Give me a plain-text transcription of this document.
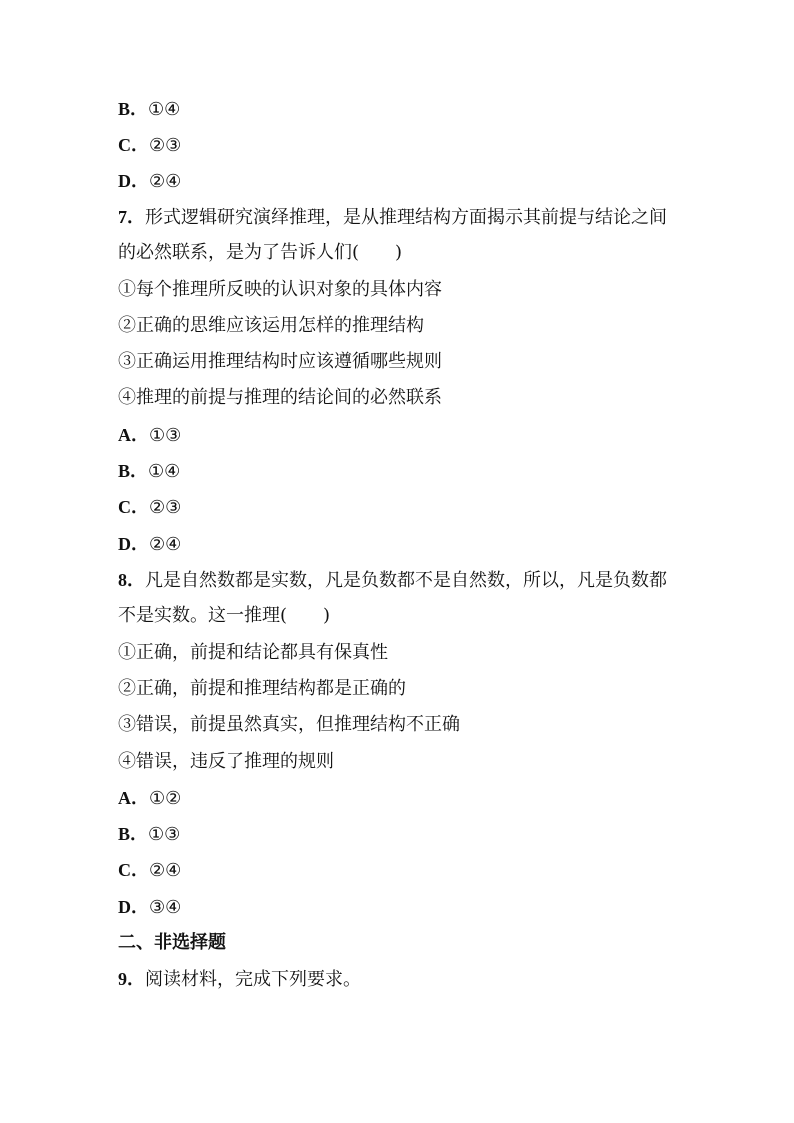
B．①④
C．②③
D．②④
7．形式逻辑研究演绎推理，是从推理结构方面揭示其前提与结论之间
的必然联系，是为了告诉人们(　　)
①每个推理所反映的认识对象的具体内容
②正确的思维应该运用怎样的推理结构
③正确运用推理结构时应该遵循哪些规则
④推理的前提与推理的结论间的必然联系
A．①③
B．①④
C．②③
D．②④
8．凡是自然数都是实数，凡是负数都不是自然数，所以，凡是负数都
不是实数。这一推理(　　)
①正确，前提和结论都具有保真性
②正确，前提和推理结构都是正确的
③错误，前提虽然真实，但推理结构不正确
④错误，违反了推理的规则
A．①②
B．①③
C．②④
D．③④
二、非选择题
9．阅读材料，完成下列要求。
